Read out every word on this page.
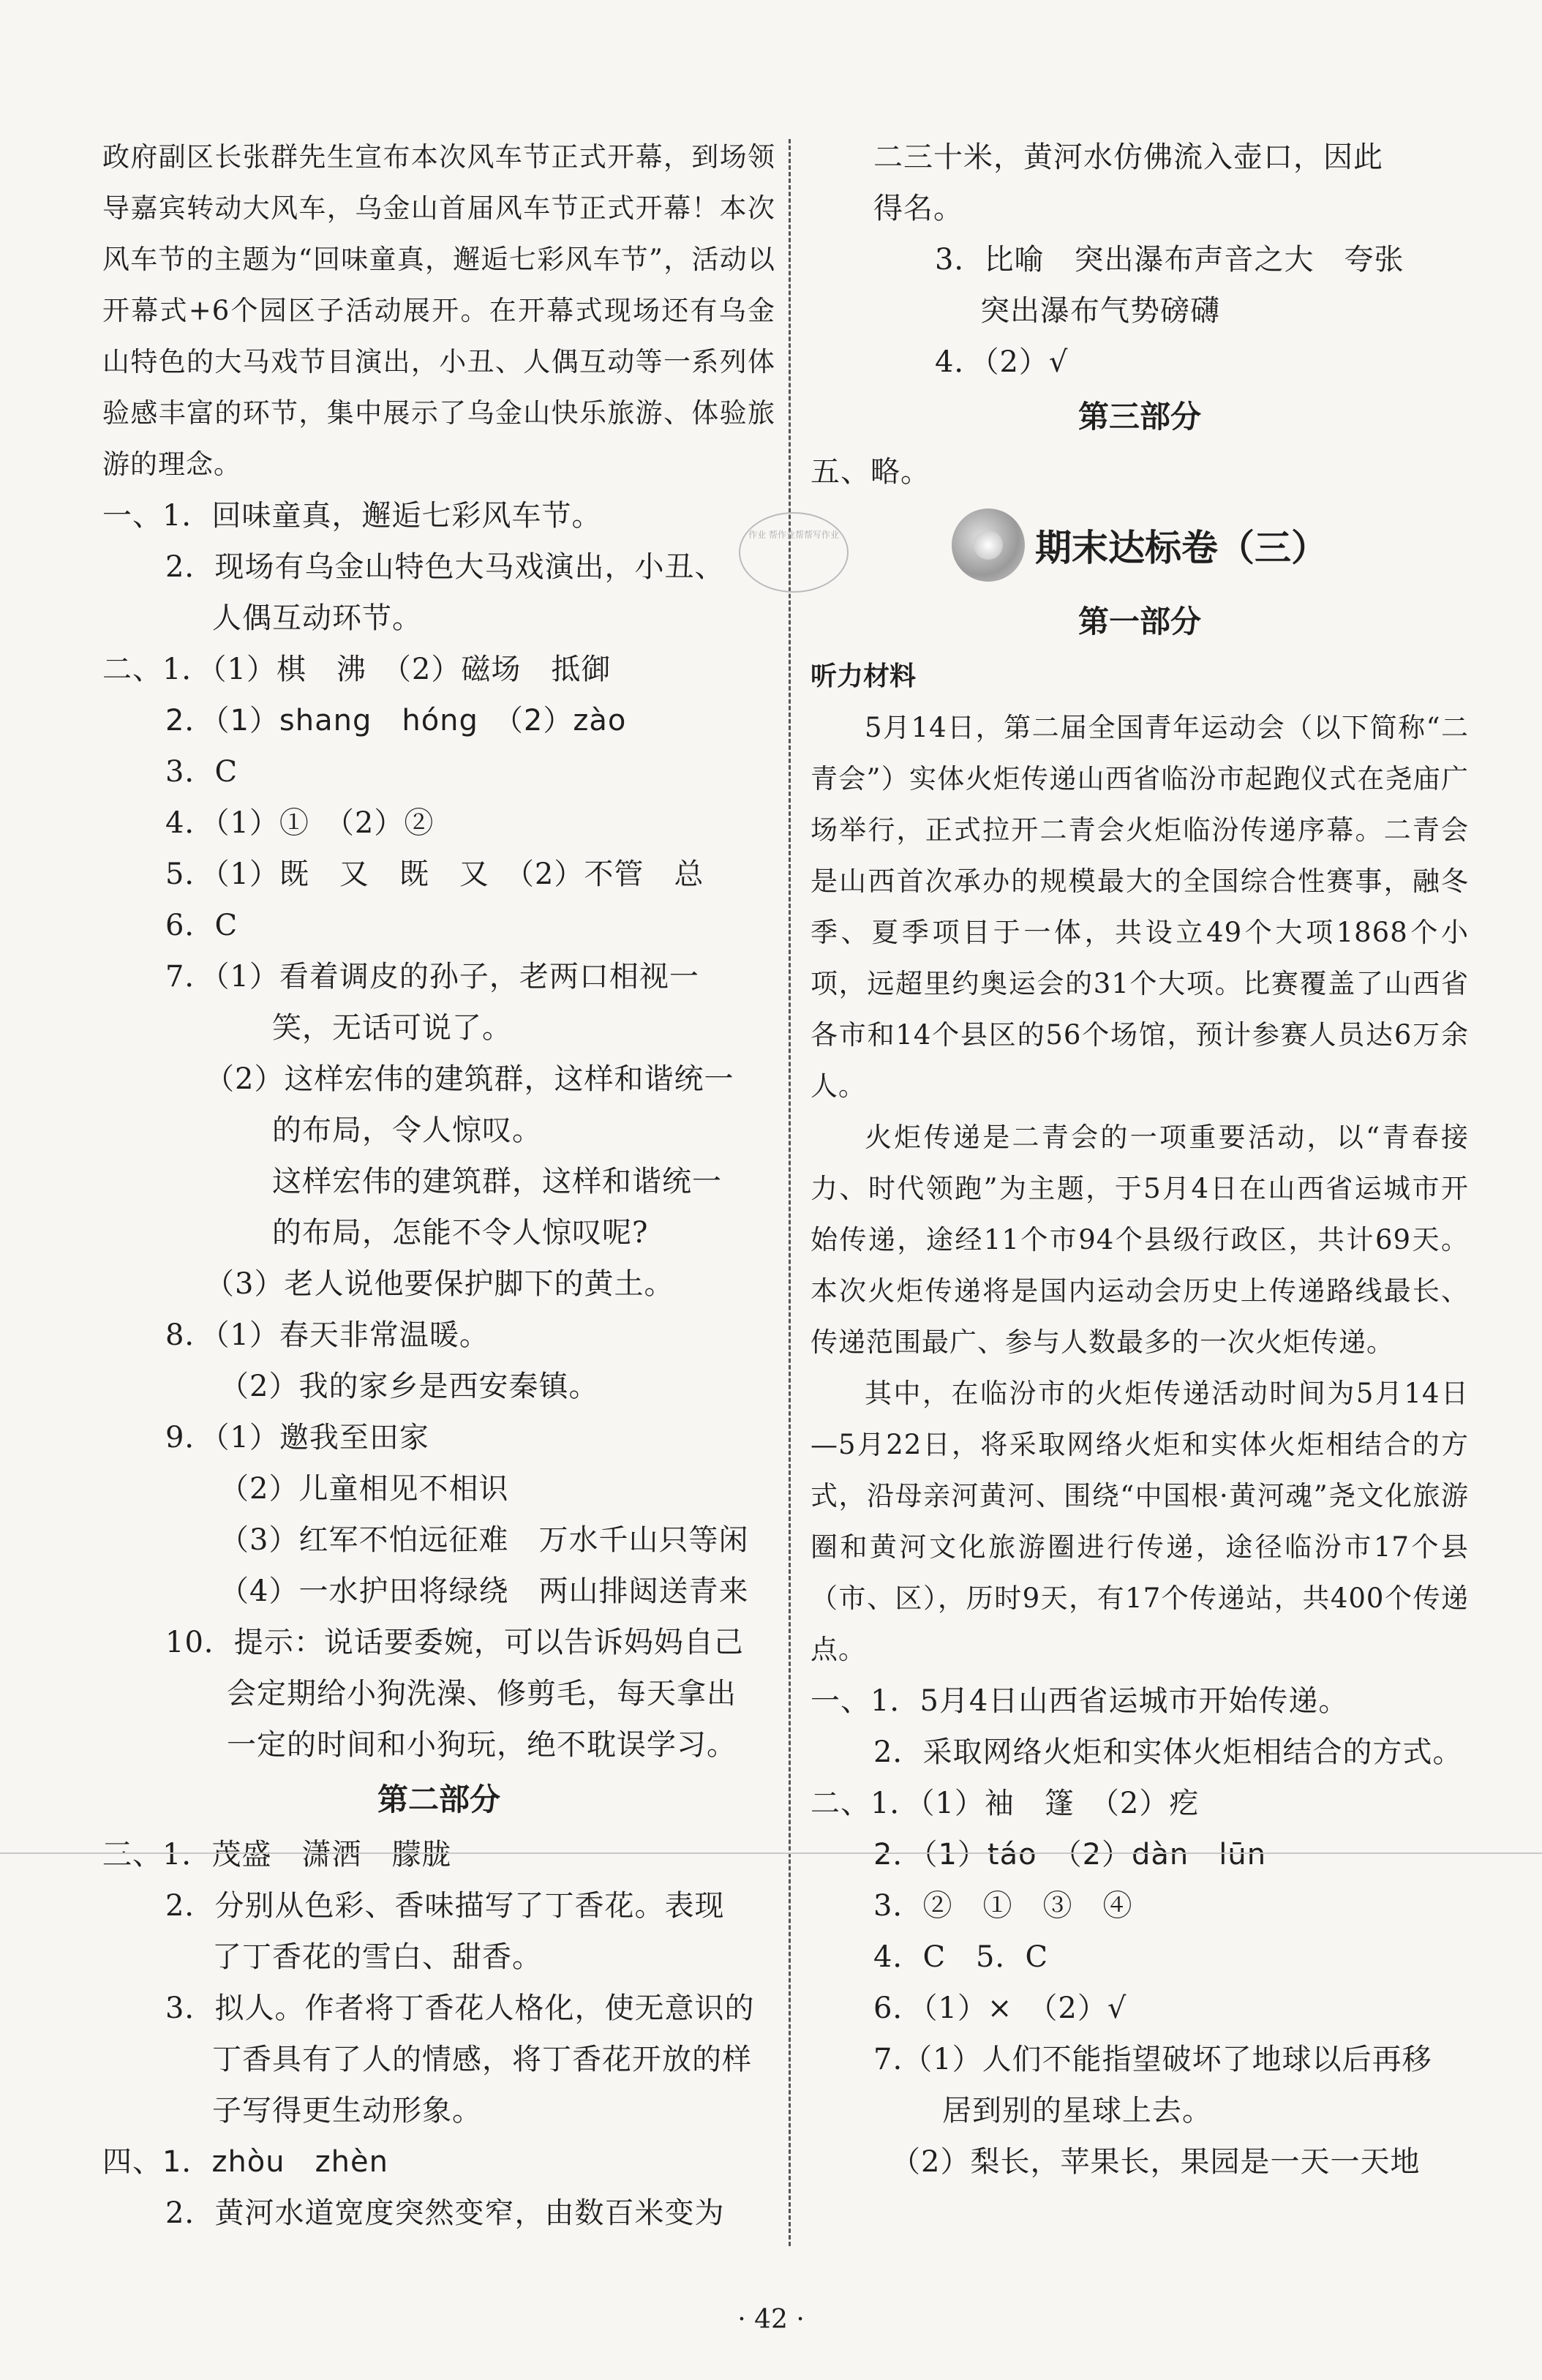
政府副区长张群先生宣布本次风车节正式开幕，到场领导嘉宾转动大风车，乌金山首届风车节正式开幕！本次风车节的主题为“回味童真，邂逅七彩风车节”，活动以开幕式+6个园区子活动展开。在开幕式现场还有乌金山特色的大马戏节目演出，小丑、人偶互动等一系列体验感丰富的环节，集中展示了乌金山快乐旅游、体验旅游的理念。

一、1．回味童真，邂逅七彩风车节。
2．现场有乌金山特色大马戏演出，小丑、
人偶互动环节。
二、1．（1）棋　沸　（2）磁场　抵御
2．（1）shang　hóng　（2）zào
3．C
4．（1）①　（2）②
5．（1）既　又　既　又　（2）不管　总
6．C
7．（1）看着调皮的孙子，老两口相视一
笑，无话可说了。
（2）这样宏伟的建筑群，这样和谐统一
的布局，令人惊叹。
这样宏伟的建筑群，这样和谐统一
的布局，怎能不令人惊叹呢?
（3）老人说他要保护脚下的黄土。
8．（1）春天非常温暖。
（2）我的家乡是西安秦镇。
9．（1）邀我至田家
（2）儿童相见不相识
（3）红军不怕远征难　万水千山只等闲
（4）一水护田将绿绕　两山排闼送青来
10．提示：说话要委婉，可以告诉妈妈自己
会定期给小狗洗澡、修剪毛，每天拿出
一定的时间和小狗玩，绝不耽误学习。
第二部分
三、1．茂盛　潇洒　朦胧
2．分别从色彩、香味描写了丁香花。表现
了丁香花的雪白、甜香。
3．拟人。作者将丁香花人格化，使无意识的
丁香具有了人的情感，将丁香花开放的样
子写得更生动形象。
四、1．zhòu　zhèn
2．黄河水道宽度突然变窄，由数百米变为
作业 帮作业帮帮写作业
二三十米，黄河水仿佛流入壶口，因此
得名。
3．比喻　突出瀑布声音之大　夸张
突出瀑布气势磅礴
4．（2）√
第三部分
五、略。
期末达标卷（三）
第一部分
听力材料

5月14日，第二届全国青年运动会（以下简称“二青会”）实体火炬传递山西省临汾市起跑仪式在尧庙广场举行，正式拉开二青会火炬临汾传递序幕。二青会是山西首次承办的规模最大的全国综合性赛事，融冬季、夏季项目于一体，共设立49个大项1868个小项，远超里约奥运会的31个大项。比赛覆盖了山西省各市和14个县区的56个场馆，预计参赛人员达6万余人。

火炬传递是二青会的一项重要活动，以“青春接力、时代领跑”为主题，于5月4日在山西省运城市开始传递，途经11个市94个县级行政区，共计69天。本次火炬传递将是国内运动会历史上传递路线最长、传递范围最广、参与人数最多的一次火炬传递。

其中，在临汾市的火炬传递活动时间为5月14日—5月22日，将采取网络火炬和实体火炬相结合的方式，沿母亲河黄河、围绕“中国根·黄河魂”尧文化旅游圈和黄河文化旅游圈进行传递，途径临汾市17个县（市、区），历时9天，有17个传递站，共400个传递点。

一、1．5月4日山西省运城市开始传递。
2．采取网络火炬和实体火炬相结合的方式。
二、1．（1）袖　篷　（2）疙
2．（1）táo　（2）dàn　lūn
3．②　①　③　④
4．C　5．C
6．（1）×　（2）√
7.（1）人们不能指望破坏了地球以后再移
居到别的星球上去。
（2）梨长，苹果长，果园是一天一天地
· 42 ·
